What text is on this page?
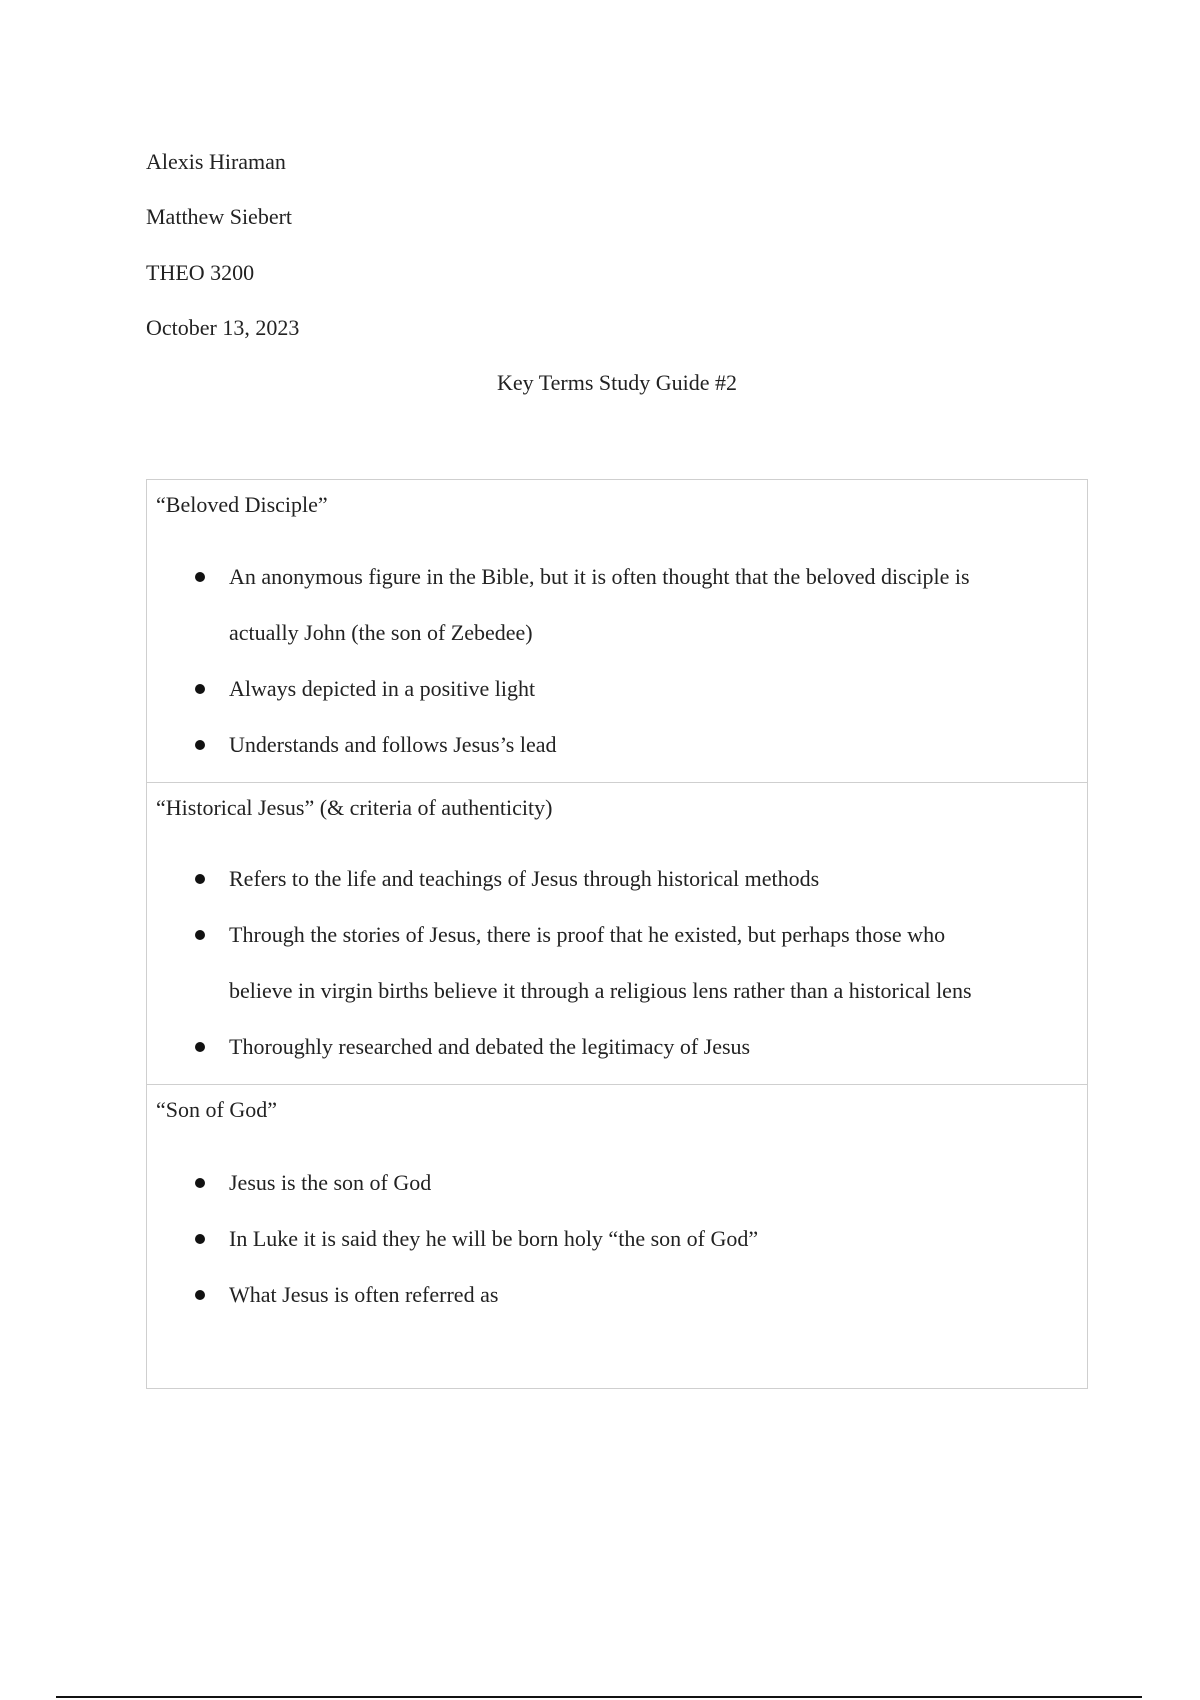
Alexis Hiraman
Matthew Siebert
THEO 3200
October 13, 2023
Key Terms Study Guide #2
“Beloved Disciple”
An anonymous figure in the Bible, but it is often thought that the beloved disciple is
actually John (the son of Zebedee)
Always depicted in a positive light
Understands and follows Jesus’s lead
“Historical Jesus” (& criteria of authenticity)
Refers to the life and teachings of Jesus through historical methods
Through the stories of Jesus, there is proof that he existed, but perhaps those who
believe in virgin births believe it through a religious lens rather than a historical lens
Thoroughly researched and debated the legitimacy of Jesus
“Son of God”
Jesus is the son of God
In Luke it is said they he will be born holy “the son of God”
What Jesus is often referred as
